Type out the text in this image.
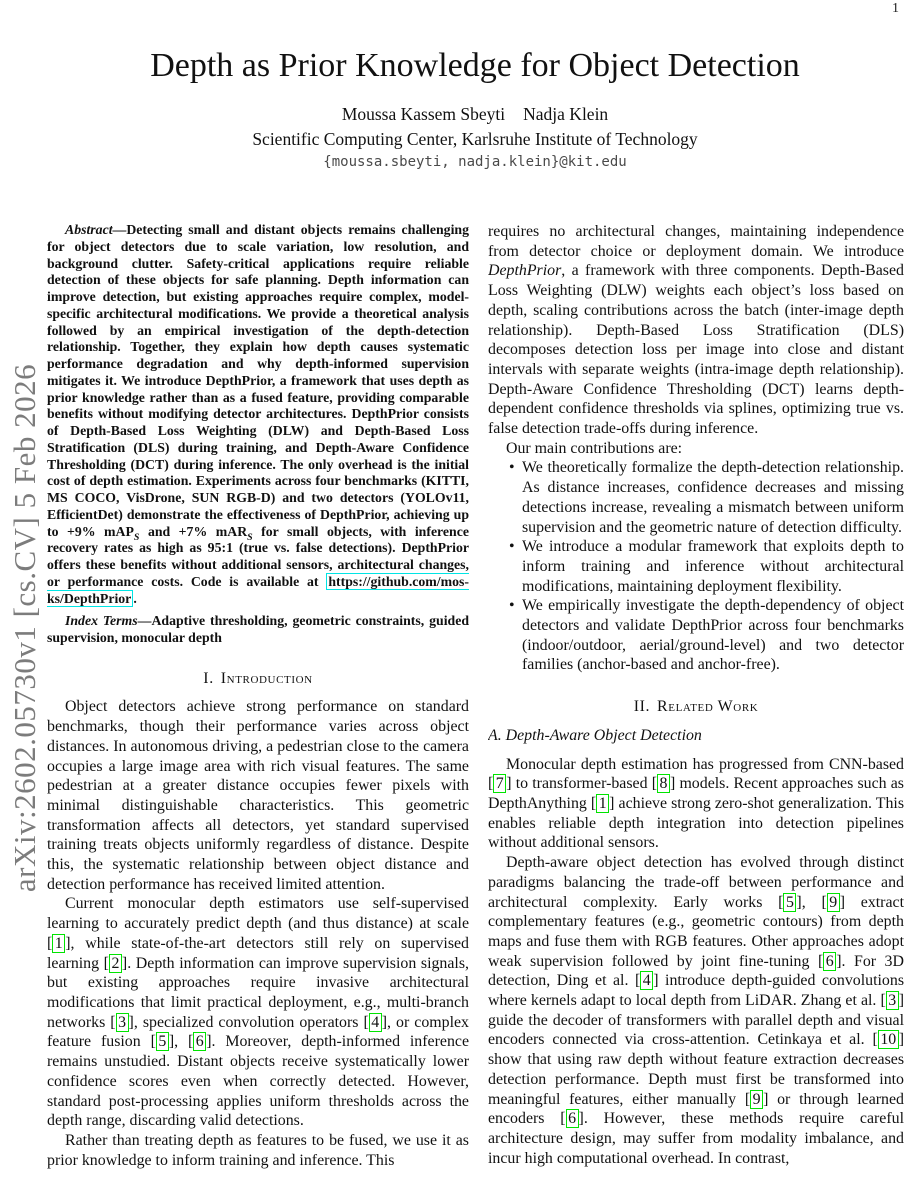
1
arXiv:2602.05730v1 [cs.CV] 5 Feb 2026
Depth as Prior Knowledge for Object Detection
Moussa Kassem Sbeyti Nadja Klein
Scientific Computing Center, Karlsruhe Institute of Technology
{moussa.sbeyti, nadja.klein}@kit.edu

Abstract—Detecting small and distant objects remains challenging for object detectors due to scale variation, low resolution, and background clutter. Safety-critical applications require reliable detection of these objects for safe planning. Depth information can improve detection, but existing approaches require complex, model-specific architectural modifications. We provide a theoretical analysis followed by an empirical investigation of the depth-detection relationship. Together, they explain how depth causes systematic performance degradation and why depth-informed supervision mitigates it. We introduce DepthPrior, a framework that uses depth as prior knowledge rather than as a fused feature, providing comparable benefits without modifying detector architectures. DepthPrior consists of Depth-Based Loss Weighting (DLW) and Depth-Based Loss Stratification (DLS) during training, and Depth-Aware Confidence Thresholding (DCT) during inference. The only overhead is the initial cost of depth estimation. Experiments across four benchmarks (KITTI, MS COCO, VisDrone, SUN RGB-D) and two detectors (YOLOv11, EfficientDet) demonstrate the effectiveness of DepthPrior, achieving up to +9% mAP$_S$ and +7% mAR$_S$ for small objects, with inference recovery rates as high as 95:1 (true vs. false detections). DepthPrior offers these benefits without additional sensors, architectural changes, or performance costs. Code is available at https://github.com/mos-ks/DepthPrior .

Index Terms—Adaptive thresholding, geometric constraints, guided supervision, monocular depth

I. Introduction

Object detectors achieve strong performance on standard benchmarks, though their performance varies across object distances. In autonomous driving, a pedestrian close to the camera occupies a large image area with rich visual features. The same pedestrian at a greater distance occupies fewer pixels with minimal distinguishable characteristics. This geometric transformation affects all detectors, yet standard supervised training treats objects uniformly regardless of distance. Despite this, the systematic relationship between object distance and detection performance has received limited attention.

Current monocular depth estimators use self-supervised learning to accurately predict depth (and thus distance) at scale [ 1 ], while state-of-the-art detectors still rely on supervised learning [ 2 ]. Depth information can improve supervision signals, but existing approaches require invasive architectural modifications that limit practical deployment, e.g., multi-branch networks [ 3 ], specialized convolution operators [ 4 ], or complex feature fusion [ 5 ], [ 6 ]. Moreover, depth-informed inference remains unstudied. Distant objects receive systematically lower confidence scores even when correctly detected. However, standard post-processing applies uniform thresholds across the depth range, discarding valid detections.

Rather than treating depth as features to be fused, we use it as prior knowledge to inform training and inference. This

requires no architectural changes, maintaining independence from detector choice or deployment domain. We introduce DepthPrior, a framework with three components. Depth-Based Loss Weighting (DLW) weights each object’s loss based on depth, scaling contributions across the batch (inter-image depth relationship). Depth-Based Loss Stratification (DLS) decomposes detection loss per image into close and distant intervals with separate weights (intra-image depth relationship). Depth-Aware Confidence Thresholding (DCT) learns depth-dependent confidence thresholds via splines, optimizing true vs. false detection trade-offs during inference.

Our main contributions are:

• We theoretically formalize the depth-detection relationship. As distance increases, confidence decreases and missing detections increase, revealing a mismatch between uniform supervision and the geometric nature of detection difficulty.
• We introduce a modular framework that exploits depth to inform training and inference without architectural modifications, maintaining deployment flexibility.
• We empirically investigate the depth-dependency of object detectors and validate DepthPrior across four benchmarks (indoor/outdoor, aerial/ground-level) and two detector families (anchor-based and anchor-free).
II. Related Work
A. Depth-Aware Object Detection

Monocular depth estimation has progressed from CNN-based [ 7 ] to transformer-based [ 8 ] models. Recent approaches such as DepthAnything [ 1 ] achieve strong zero-shot generalization. This enables reliable depth integration into detection pipelines without additional sensors.

Depth-aware object detection has evolved through distinct paradigms balancing the trade-off between performance and architectural complexity. Early works [ 5 ], [ 9 ] extract complementary features (e.g., geometric contours) from depth maps and fuse them with RGB features. Other approaches adopt weak supervision followed by joint fine-tuning [ 6 ]. For 3D detection, Ding et al. [ 4 ] introduce depth-guided convolutions where kernels adapt to local depth from LiDAR. Zhang et al. [ 3 ] guide the decoder of transformers with parallel depth and visual encoders connected via cross-attention. Cetinkaya et al. [ 10 ] show that using raw depth without feature extraction decreases detection performance. Depth must first be transformed into meaningful features, either manually [ 9 ] or through learned encoders [ 6 ]. However, these methods require careful architecture design, may suffer from modality imbalance, and incur high computational overhead. In contrast,
